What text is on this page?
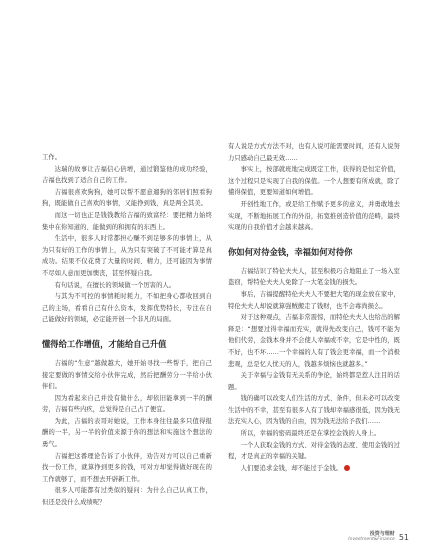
工作。

达瑞的故事让吉福信心倍增，通过锻鉴他的成功经验，吉福也找到了适合自己的工作。

吉福很喜欢狗狗，她可以帮不愿意遛狗的邻居们照看狗狗，既能做自己喜欢的事情，又能挣到钱，真是两全其美。

而这一切也正是钱钱教给吉福的致富经：要把精力始终集中在你知道的、能做到的和拥有的东西上。

生活中，很多人时常都担心赚不到足够多的事情上，从为只有好的工作的事情上，从为只有突破了不可能才算是真成功。结果不仅花费了大量的时间、精力，还可能因为事情不尽如人意而更加懊丧，甚至怀疑自我。

有句话说，在擅长的领域做一个厉害的人。

与其为不可控的事情耗时耗力，不如把身心都收回到自己的主场，看看自己有什么资本，发挥优势特长，专注在自己能做好的领域，必定能开创一个非凡的局面。

懂得给工作增值，才能给自己升值

吉福的“生意”越做越大，她开始寻找一些帮手，把自己接定要做的事情交给小伙伴完成，然后把酬劳分一半给小伙伴们。

因为看起来自己并没有做什么，却依旧能拿到一半的酬劳，吉福有些内疚，总觉得是自己占了便宜。

为此，吉福的表哥对她说，工作本身往往最多只值得报酬的一半，另一半的价值来源于你的想法和实施这个想法的勇气。

吉福把这番理论告诉了小伙伴，劝告对方可以自己重新找一份工作，就算挣到更多的钱，可对方却觉得做好现在的工作就够了，而不想去开辟新工作。

很多人可能都有过类似的疑问：为什么自己认真工作，但还是没什么成绩呢？

有人说是方式方法不对，也有人说可能需要时间，还有人说努力只感动自己最无效……

事实上，按部就班地完成既定工作，获得的是恒定价值，这个过程只是实现了自我的保值。一个人想要有所成就，除了懂得保值，更要知道如何增值。

开创性地工作，或是给工作赋予更多的意义，并勇敢地去实现，不断地拓展工作的外沿，拓宽推创造价值的范畴，最终实现的自我价值才会越来越高。

你如何对待金钱，幸福如何对待你

吉福结识了特伦夫夫人，甚至积极巧合地阻止了一场入室盗窃，帮特伦夫夫人免除了一大笔金钱的损失。

事后，吉福提醒特伦夫夫人不要把大笔的现金放在家中，特伦夫夫人却说就算强贼搬走了钱财，也不会毒尚损么。

对于这种观点，吉福非常震惊，而特伦夫夫人也给出的解释是：“想要过得幸福而充实，就得先改变自己，钱可不能为他们代劳，金钱本身并不会使人幸福或不幸，它是中性的，既不好，也不坏……一个幸福的人有了钱会更幸福，而一个消极悲观，总是忆人忧天的人，钱越多烦恼也就越多。”

关于幸福与金钱有无关系的争论，始终都是惹人注目的话题。

钱的确可以改变人们生活的方式、条件，但未必可以改变生活中的不幸，甚至有很多人有了钱却幸福感很低，因为钱无法充实人心，因为钱的自由，因为钱无法给予我们……

所以，幸福的密码最终还是在掌控金钱的人身上。

一个人获取金钱的方式、对待金钱的态度、使用金钱的过程，才是真正的幸福的关键。

人们要追求金钱，却不能过于金钱。

投资与理财
Investment&Finance 51
